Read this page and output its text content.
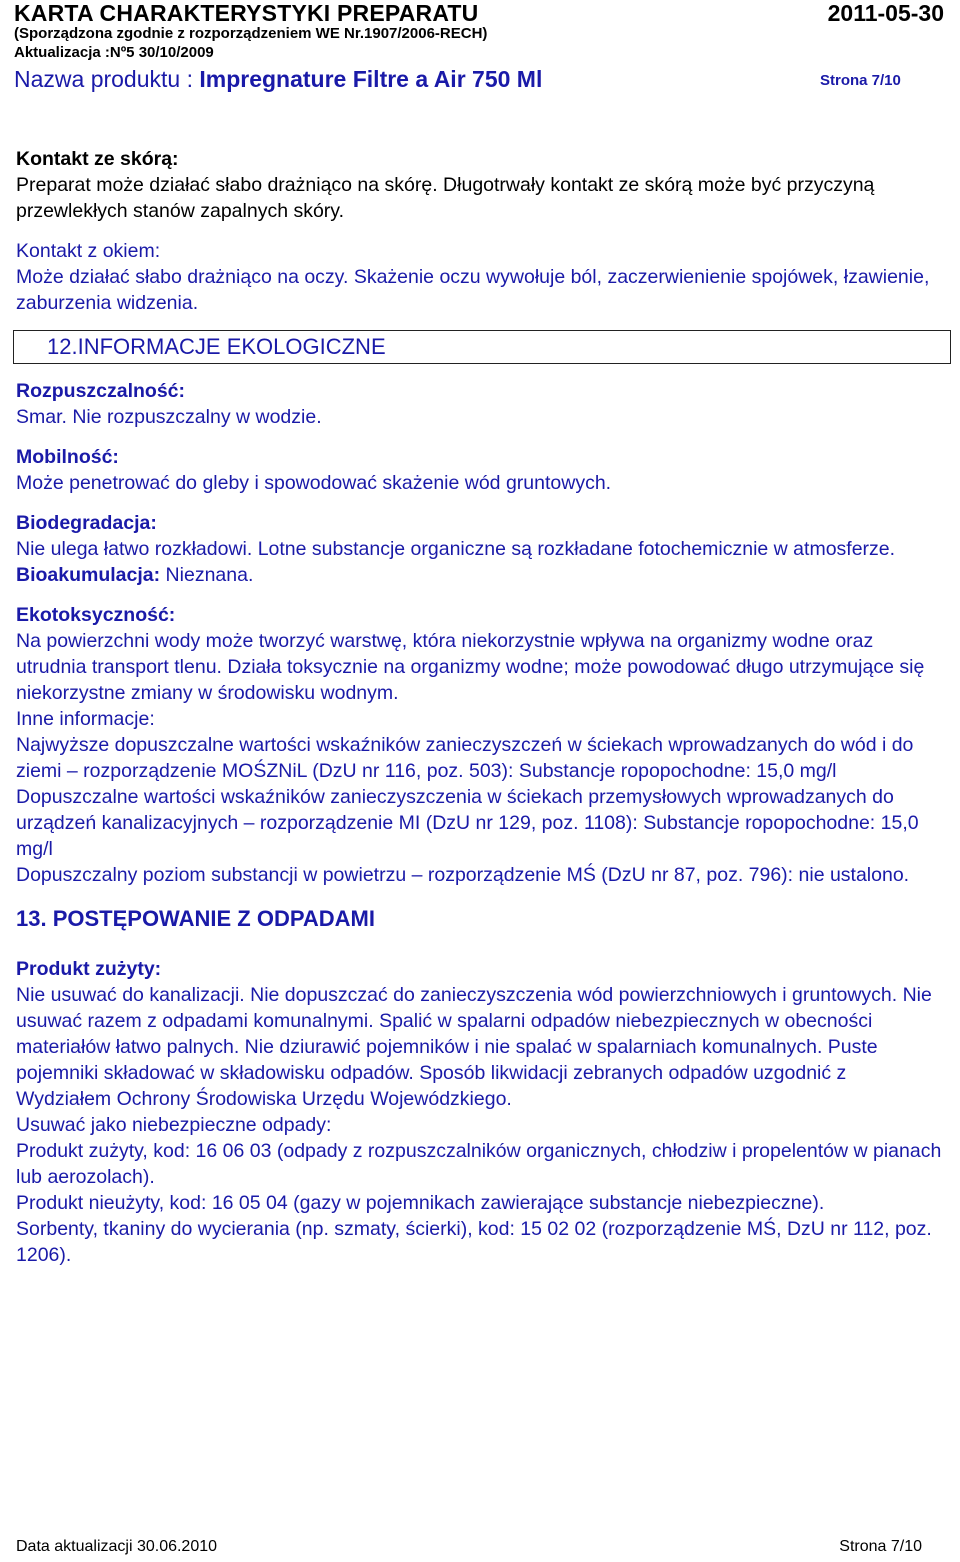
KARTA CHARAKTERYSTYKI PREPARATU	2011-05-30
(Sporządzona zgodnie z rozporządzeniem WE Nr.1907/2006-RECH)
Aktualizacja :Nº5 30/10/2009
Nazwa produktu : Impregnature Filtre a Air 750 Ml	Strona 7/10
Kontakt ze skórą:
Preparat może działać słabo drażniąco na skórę. Długotrwały kontakt ze skórą może być przyczyną przewlekłych stanów zapalnych skóry.
Kontakt z okiem:
Może działać słabo drażniąco na oczy. Skażenie oczu wywołuje ból, zaczerwienienie spojówek, łzawienie, zaburzenia widzenia.
12.INFORMACJE EKOLOGICZNE
Rozpuszczalność:
Smar. Nie rozpuszczalny w wodzie.
Mobilność:
Może penetrować do gleby i spowodować skażenie wód gruntowych.
Biodegradacja:
Nie ulega łatwo rozkładowi. Lotne substancje organiczne są rozkładane fotochemicznie w atmosferze.
Bioakumulacja: Nieznana.
Ekotoksyczność:
Na powierzchni wody może tworzyć warstwę, która niekorzystnie wpływa na organizmy wodne oraz utrudnia transport tlenu. Działa toksycznie na organizmy wodne; może powodować długo utrzymujące się niekorzystne zmiany w środowisku wodnym.
Inne informacje:
Najwyższe dopuszczalne wartości wskaźników zanieczyszczeń w ściekach wprowadzanych do wód i do ziemi – rozporządzenie MOŚZNiL (DzU nr 116, poz. 503): Substancje ropopochodne: 15,0 mg/l
Dopuszczalne wartości wskaźników zanieczyszczenia w ściekach przemysłowych wprowadzanych do urządzeń kanalizacyjnych – rozporządzenie MI (DzU nr 129, poz. 1108): Substancje ropopochodne: 15,0 mg/l
Dopuszczalny poziom substancji w powietrzu – rozporządzenie MŚ (DzU nr 87, poz. 796): nie ustalono.
13. POSTĘPOWANIE Z ODPADAMI
Produkt zużyty:
Nie usuwać do kanalizacji. Nie dopuszczać do zanieczyszczenia wód powierzchniowych i gruntowych. Nie usuwać razem z odpadami komunalnymi. Spalić w spalarni odpadów niebezpiecznych w obecności materiałów łatwo palnych. Nie dziurawić pojemników i nie spalać w spalarniach komunalnych. Puste pojemniki składować w składowisku odpadów. Sposób likwidacji zebranych odpadów uzgodnić z Wydziałem Ochrony Środowiska Urzędu Wojewódzkiego.
Usuwać jako niebezpieczne odpady:
Produkt zużyty, kod: 16 06 03 (odpady z rozpuszczalników organicznych, chłodziw i propelentów w pianach lub aerozolach).
Produkt nieużyty, kod: 16 05 04 (gazy w pojemnikach zawierające substancje niebezpieczne).
Sorbenty, tkaniny do wycierania (np. szmaty, ścierki), kod: 15 02 02 (rozporządzenie MŚ, DzU nr 112, poz. 1206).
Data aktualizacji 30.06.2010	Strona 7/10
